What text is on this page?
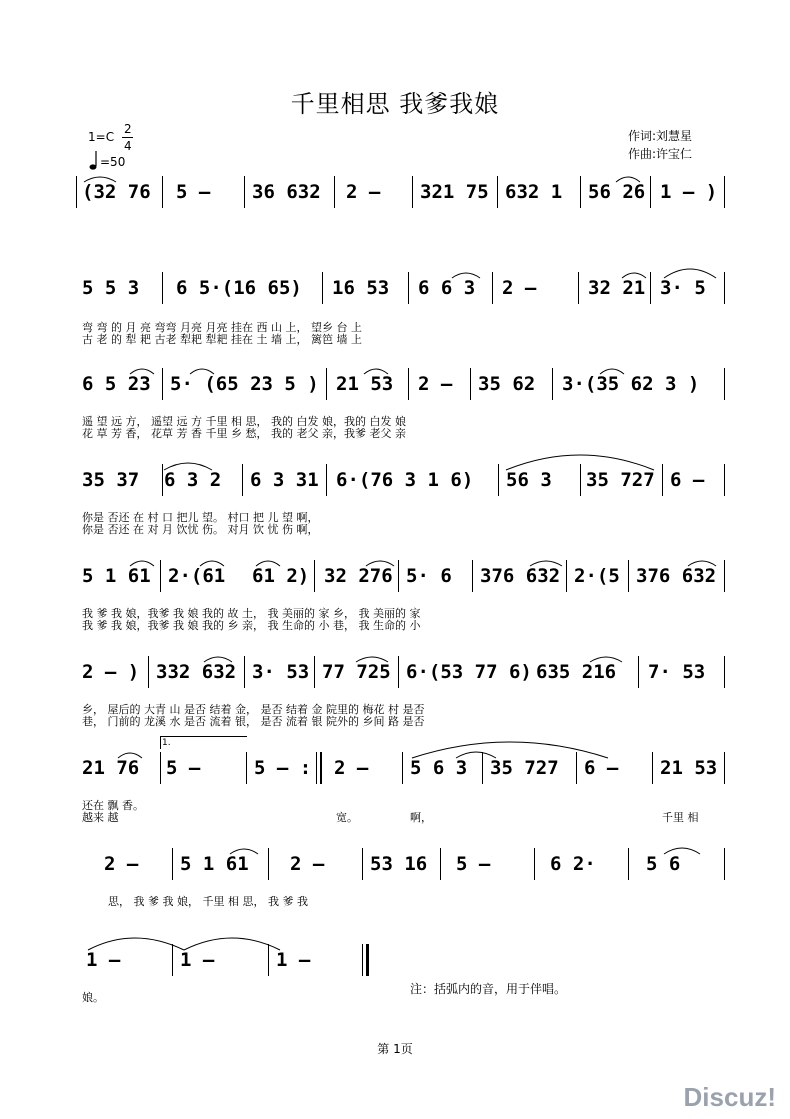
千里相思 我爹我娘
1=C
2
4
=50
作词:刘慧星
作曲:许宝仁
(32 76 5 – 36 632 2 – 321 75 632 1 56 26 1 – )
5 5 3 6 5·(16 65) 16 53 6 6 3 2 –	32 21 3· 5
弯 弯 的 月 亮 弯弯 月亮 月亮 挂在 西 山 上， 望乡 台 上
古 老 的 犁 耙 古老 犁耙 犁耙 挂在 土 墙 上， 篱笆 墙 上
6 5 23 5· (65 23 5 ) 21 53 2 – 35 62 3·(35 62 3 )
遥 望 远 方， 遥望 远 方 千里 相 思， 我的 白发 娘，我的 白发 娘
花 草 芳 香， 花草 芳 香 千里 乡 愁， 我的 老父 亲，我爹 老父 亲
35 37 6 3 2 6 3 31 6·(76 3 1 6) 56 3 35 727 6 –
你是 否还 在 村 口 把儿 望。 村口 把 儿 望 啊，
你是 否还 在 对 月 饮忧 伤。 对月 饮 忧 伤 啊，
5 1 61 2·(61 61 2) 32 276 5· 6 376 632 2·(5 376 632
我 爹 我 娘，我爹 我 娘 我的 故 土， 我 美丽的 家 乡， 我 美丽的 家
我 爹 我 娘，我爹 我 娘 我的 乡 亲， 我 生命的 小 巷， 我 生命的 小
2 – ) 332 632 3· 53 77 725 6·(53 77 6) 635 216 7· 53
乡， 屋后的 大青 山 是否 结着 金， 是否 结着 金 院里的 梅花 村 是否
巷， 门前的 龙溪 水 是否 流着 银， 是否 流着 银 院外的 乡间 路 是否
21 76 5 –	5 – : 2 – 5 6 3 35 727 6 – 21 53
1.
还在 飘 香。
越来 越	宽。	啊，	千里 相
2 – 5 1 61 2 – 53 16 5 –	6 2·	5 6
思， 我 爹 我 娘， 千里 相 思， 我 爹 我
1 –	1 –	1 –
娘。
注：括弧内的音，用于伴唱。
第 1页
Discuz!
